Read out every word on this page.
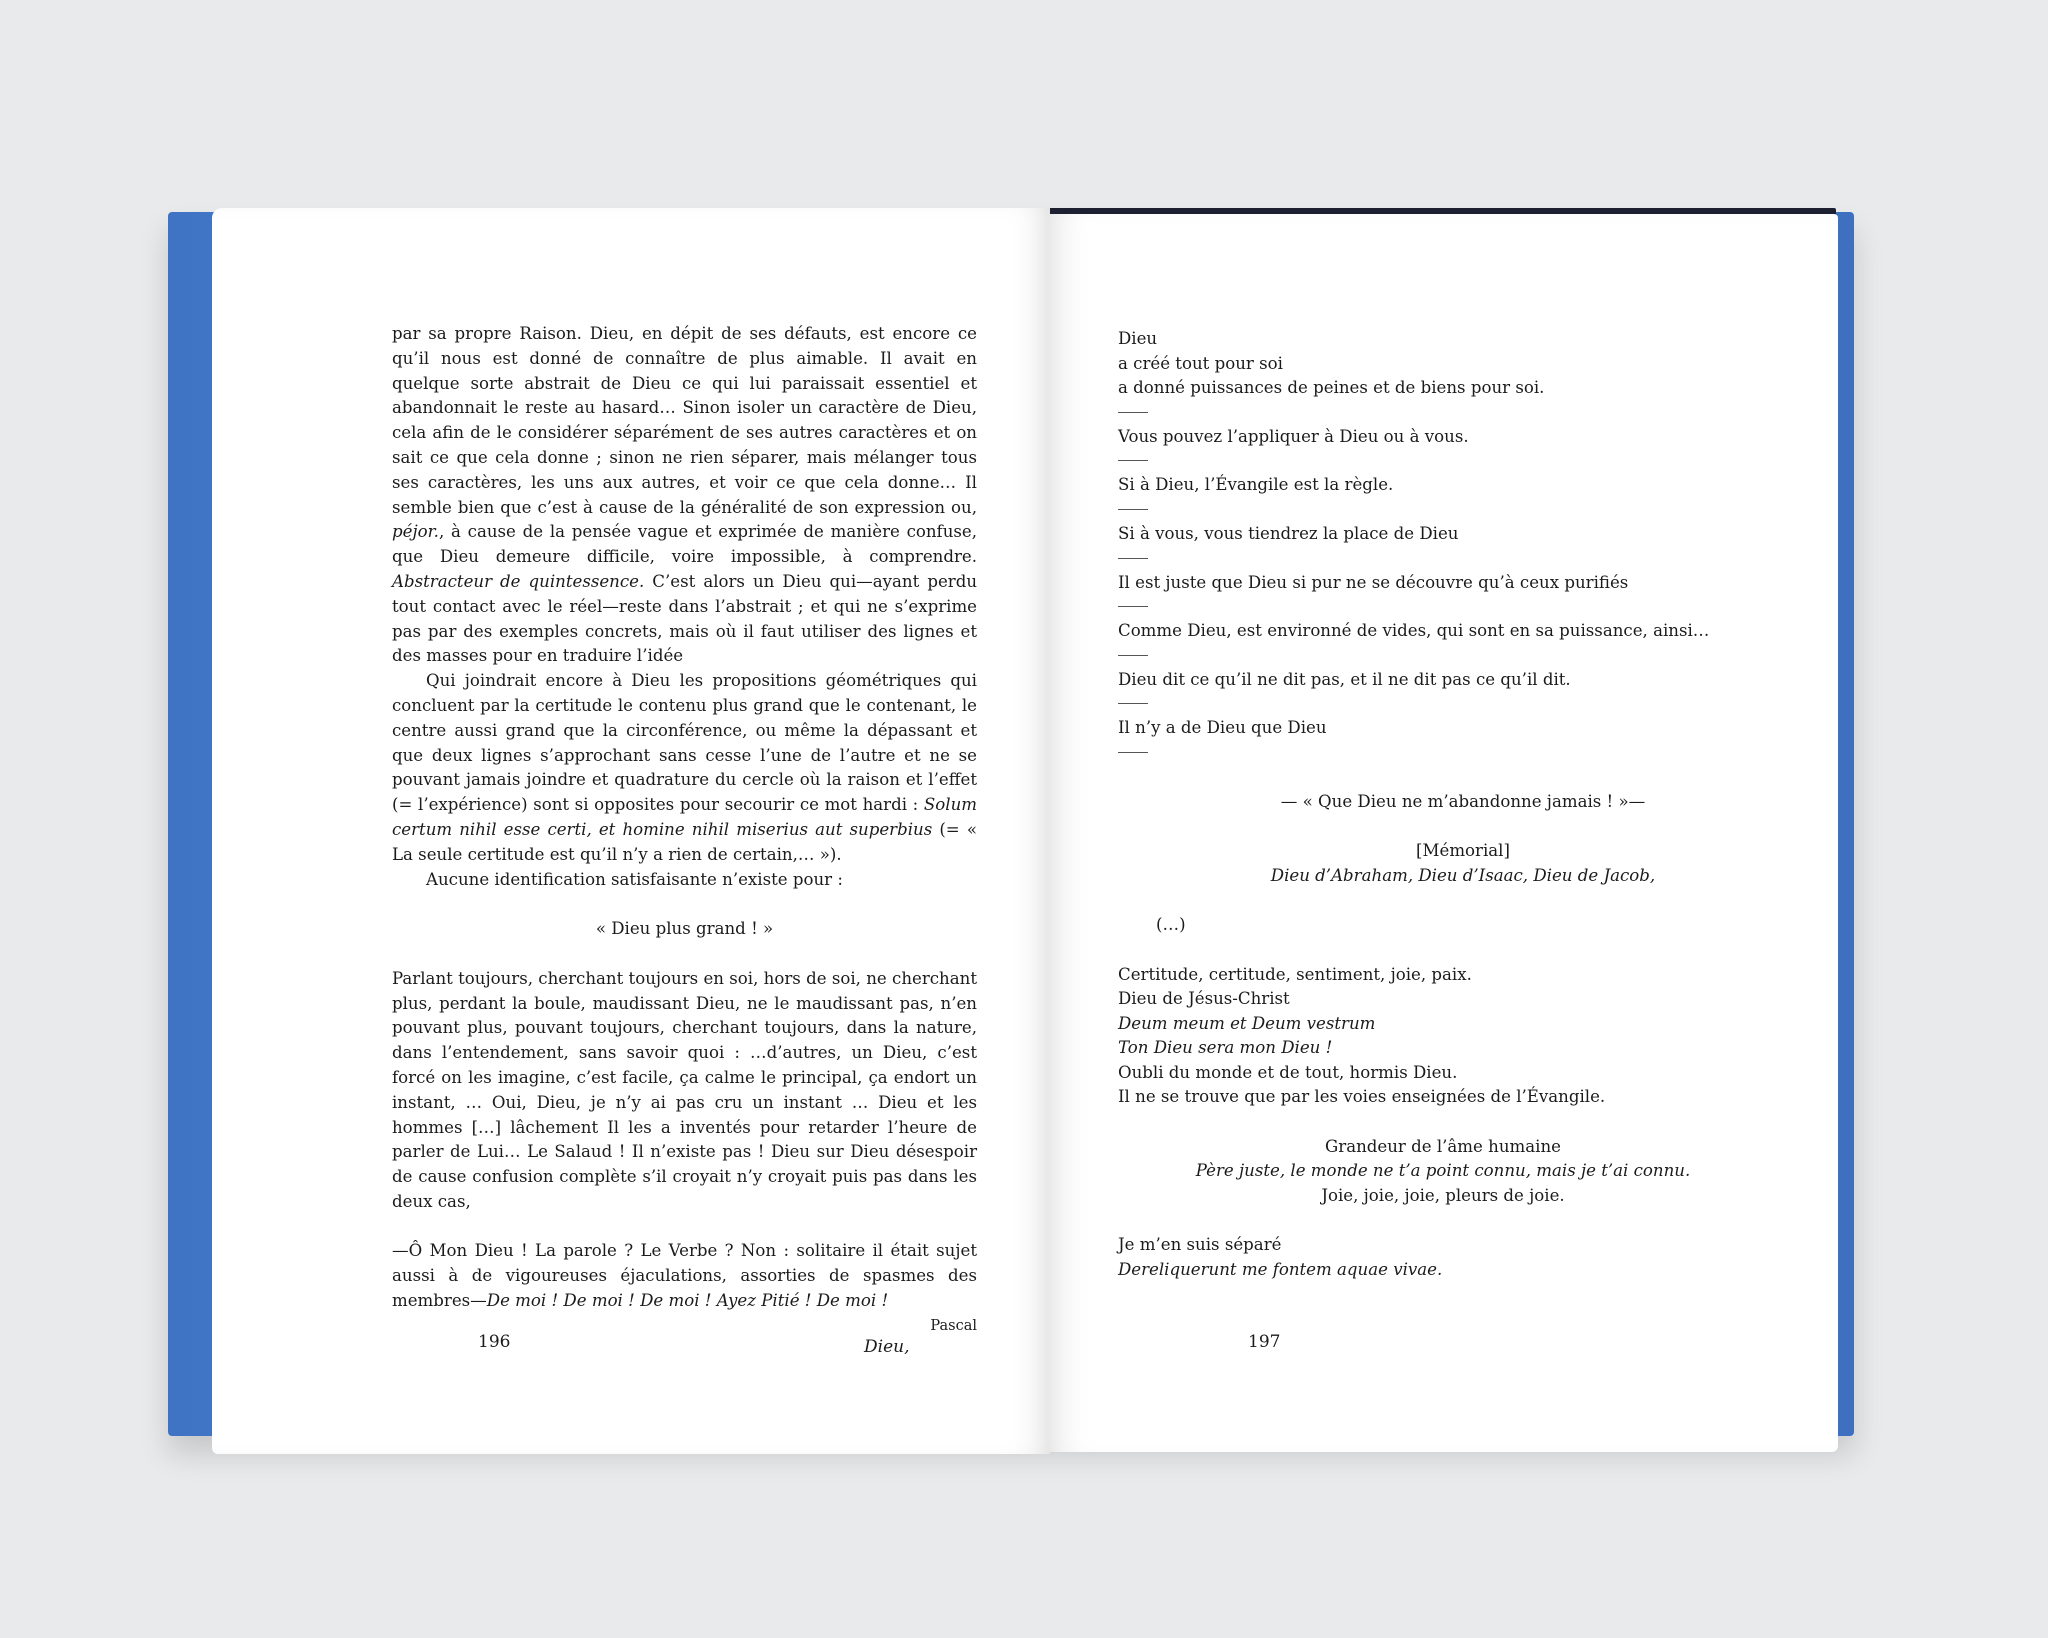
par sa propre Raison. Dieu, en dépit de ses défauts, est encore ce qu’il nous est donné de connaître de plus aimable. Il avait en quelque sorte abstrait de Dieu ce qui lui paraissait essentiel et abandonnait le reste au hasard… Sinon isoler un caractère de Dieu, cela afin de le considérer séparément de ses autres caractères et on sait ce que cela donne ; sinon ne rien séparer, mais mélanger tous ses caractères, les uns aux autres, et voir ce que cela donne… Il semble bien que c’est à cause de la généralité de son expression ou, péjor., à cause de la pensée vague et exprimée de manière confuse, que Dieu demeure difficile, voire impossible, à comprendre. Abstracteur de quintessence. C’est alors un Dieu qui—ayant perdu tout contact avec le réel—reste dans l’abstrait ; et qui ne s’exprime pas par des exemples concrets, mais où il faut utiliser des lignes et des masses pour en traduire l’idée

Qui joindrait encore à Dieu les propositions géométriques qui concluent par la certitude le contenu plus grand que le contenant, le centre aussi grand que la circonférence, ou même la dépassant et que deux lignes s’approchant sans cesse l’une de l’autre et ne se pouvant jamais joindre et quadrature du cercle où la raison et l’effet (= l’expérience) sont si opposites pour secourir ce mot hardi : Solum certum nihil esse certi, et homine nihil miserius aut superbius (= « La seule certitude est qu’il n’y a rien de certain,… »).

Aucune identification satisfaisante n’existe pour :

« Dieu plus grand ! »

Parlant toujours, cherchant toujours en soi, hors de soi, ne cherchant plus, perdant la boule, maudissant Dieu, ne le maudissant pas, n’en pouvant plus, pouvant toujours, cherchant toujours, dans la nature, dans l’entendement, sans savoir quoi : …d’autres, un Dieu, c’est forcé on les imagine, c’est facile, ça calme le principal, ça endort un instant, … Oui, Dieu, je n’y ai pas cru un instant … Dieu et les hommes […] lâchement Il les a inventés pour retarder l’heure de parler de Lui… Le Salaud ! Il n’existe pas ! Dieu sur Dieu désespoir de cause confusion complète s’il croyait n’y croyait puis pas dans les deux cas,

—Ô Mon Dieu ! La parole ? Le Verbe ? Non : solitaire il était sujet aussi à de vigoureuses éjaculations, assorties de spasmes des membres—De moi ! De moi ! De moi ! Ayez Pitié ! De moi !

Pascal

196	Dieu,

Dieu

a créé tout pour soi

a donné puissances de peines et de biens pour soi.

Vous pouvez l’appliquer à Dieu ou à vous.

Si à Dieu, l’Évangile est la règle.

Si à vous, vous tiendrez la place de Dieu

Il est juste que Dieu si pur ne se découvre qu’à ceux purifiés

Comme Dieu, est environné de vides, qui sont en sa puissance, ainsi…

Dieu dit ce qu’il ne dit pas, et il ne dit pas ce qu’il dit.

Il n’y a de Dieu que Dieu

— « Que Dieu ne m’abandonne jamais ! »—

[Mémorial]

Dieu d’Abraham, Dieu d’Isaac, Dieu de Jacob,

(…)

Certitude, certitude, sentiment, joie, paix.

Dieu de Jésus-Christ

Deum meum et Deum vestrum

Ton Dieu sera mon Dieu !

Oubli du monde et de tout, hormis Dieu.

Il ne se trouve que par les voies enseignées de l’Évangile.

Grandeur de l’âme humaine

Père juste, le monde ne t’a point connu, mais je t’ai connu.

Joie, joie, joie, pleurs de joie.

Je m’en suis séparé

Dereliquerunt me fontem aquae vivae.

197
